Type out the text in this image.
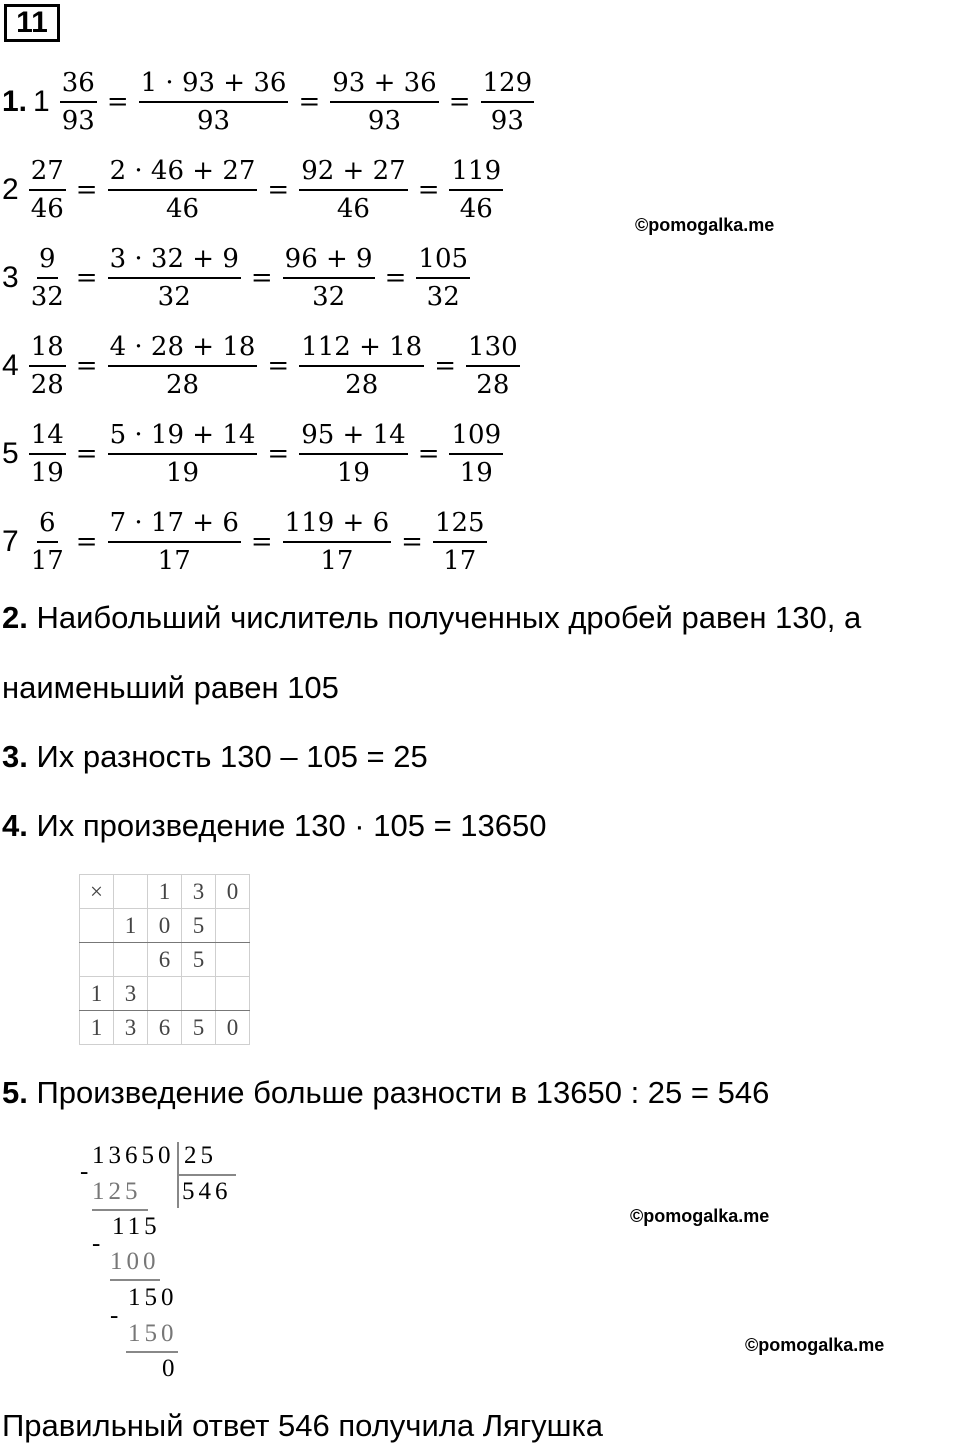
11
1. $1 \frac{36}{93} = \frac{1 \cdot 93 + 36}{93} = \frac{93 + 36}{93} = \frac{129}{93}$
$2 \frac{27}{46} = \frac{2 \cdot 46 + 27}{46} = \frac{92 + 27}{46} = \frac{119}{46}$
$3 \frac{9}{32} = \frac{3 \cdot 32 + 9}{32} = \frac{96 + 9}{32} = \frac{105}{32}$
$4 \frac{18}{28} = \frac{4 \cdot 28 + 18}{28} = \frac{112 + 18}{28} = \frac{130}{28}$
$5 \frac{14}{19} = \frac{5 \cdot 19 + 14}{19} = \frac{95 + 14}{19} = \frac{109}{19}$
$7 \frac{6}{17} = \frac{7 \cdot 17 + 6}{17} = \frac{119 + 6}{17} = \frac{125}{17}$
©pomogalka.me
2. Наибольший числитель полученных дробей равен 130, а
наименьший равен 105
3. Их разность 130 – 105 = 25
4. Их произведение 130 · 105 = 13650
×		1	3	0
	1	0	5	
		6	5	
1	3			
1	3	6	5	0
5. Произведение больше разности в 13650 : 25 = 546
13650 25
546
-
125
115
-
100
150
-
150
0
©pomogalka.me
©pomogalka.me
Правильный ответ 546 получила Лягушка
